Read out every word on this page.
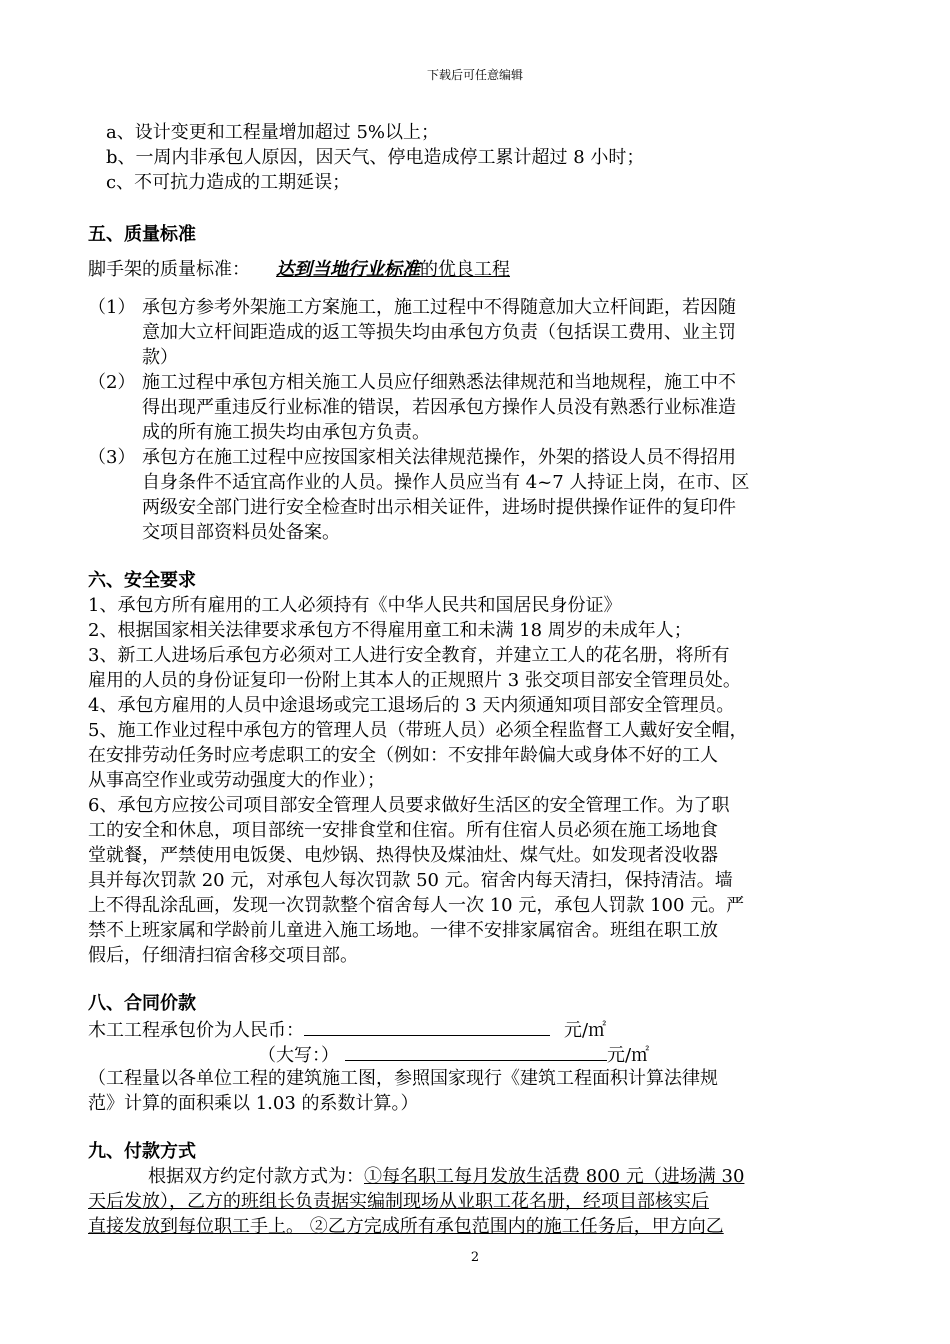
下载后可任意编辑
a、设计变更和工程量增加超过 5%以上；
b、一周内非承包人原因，因天气、停电造成停工累计超过 8 小时；
c、不可抗力造成的工期延误；
五、质量标准
脚手架的质量标准： 达到当地行业标准的优良工程
（1） 承包方参考外架施工方案施工，施工过程中不得随意加大立杆间距，若因随
意加大立杆间距造成的返工等损失均由承包方负责（包括误工费用、业主罚
款）
（2） 施工过程中承包方相关施工人员应仔细熟悉法律规范和当地规程，施工中不
得出现严重违反行业标准的错误，若因承包方操作人员没有熟悉行业标准造
成的所有施工损失均由承包方负责。
（3） 承包方在施工过程中应按国家相关法律规范操作，外架的搭设人员不得招用
自身条件不适宜高作业的人员。操作人员应当有 4~7 人持证上岗，在市、区
两级安全部门进行安全检查时出示相关证件，进场时提供操作证件的复印件
交项目部资料员处备案。
六、安全要求
1、承包方所有雇用的工人必须持有《中华人民共和国居民身份证》
2、根据国家相关法律要求承包方不得雇用童工和未满 18 周岁的未成年人；
3、新工人进场后承包方必须对工人进行安全教育，并建立工人的花名册，将所有
雇用的人员的身份证复印一份附上其本人的正规照片 3 张交项目部安全管理员处。
4、承包方雇用的人员中途退场或完工退场后的 3 天内须通知项目部安全管理员。
5、施工作业过程中承包方的管理人员（带班人员）必须全程监督工人戴好安全帽，
在安排劳动任务时应考虑职工的安全（例如：不安排年龄偏大或身体不好的工人
从事高空作业或劳动强度大的作业）；
6、承包方应按公司项目部安全管理人员要求做好生活区的安全管理工作。为了职
工的安全和休息，项目部统一安排食堂和住宿。所有住宿人员必须在施工场地食
堂就餐，严禁使用电饭煲、电炒锅、热得快及煤油灶、煤气灶。如发现者没收器
具并每次罚款 20 元，对承包人每次罚款 50 元。宿舍内每天清扫，保持清洁。墙
上不得乱涂乱画，发现一次罚款整个宿舍每人一次 10 元，承包人罚款 100 元。严
禁不上班家属和学龄前儿童进入施工场地。一律不安排家属宿舍。班组在职工放
假后，仔细清扫宿舍移交项目部。
八、合同价款
木工工程承包价为人民币：	元/㎡
（大写：）	元/㎡
（工程量以各单位工程的建筑施工图，参照国家现行《建筑工程面积计算法律规
范》计算的面积乘以 1.03 的系数计算。）
九、付款方式
根据双方约定付款方式为：①每名职工每月发放生活费 800 元（进场满 30
天后发放），乙方的班组长负责据实编制现场从业职工花名册，经项目部核实后
直接发放到每位职工手上。 ②乙方完成所有承包范围内的施工任务后，甲方向乙
2
